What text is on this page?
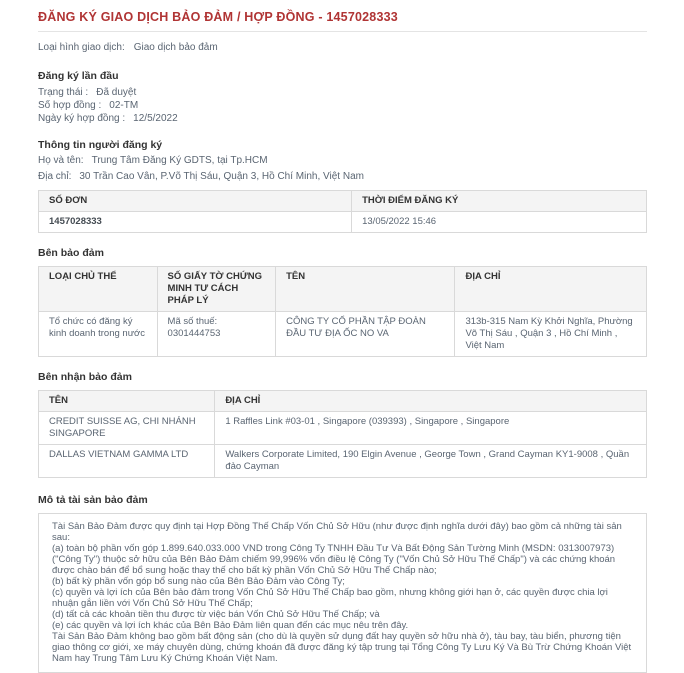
ĐĂNG KÝ GIAO DỊCH BẢO ĐẢM / HỢP ĐỒNG - 1457028333
Loại hình giao dịch: Giao dịch bảo đảm
Đăng ký lần đầu
Trạng thái : Đã duyệt
Số hợp đồng : 02-TM
Ngày ký hợp đồng : 12/5/2022
Thông tin người đăng ký
Họ và tên: Trung Tâm Đăng Ký GDTS, tại Tp.HCM
Địa chỉ: 30 Trần Cao Vân, P.Võ Thị Sáu, Quận 3, Hồ Chí Minh, Việt Nam
SỐ ĐƠN	THỜI ĐIỂM ĐĂNG KÝ
1457028333	13/05/2022 15:46
Bên bảo đảm
LOẠI CHỦ THỂ	SỐ GIẤY TỜ CHỨNG MINH TƯ CÁCH PHÁP LÝ	TÊN	ĐỊA CHỈ
Tổ chức có đăng ký kinh doanh trong nước	Mã số thuế: 0301444753	CÔNG TY CỔ PHẦN TẬP ĐOÀN ĐẦU TƯ ĐỊA ỐC NO VA	313b-315 Nam Kỳ Khởi Nghĩa, Phường Võ Thị Sáu , Quận 3 , Hồ Chí Minh , Việt Nam
Bên nhận bảo đảm
TÊN	ĐỊA CHỈ
CREDIT SUISSE AG, CHI NHÁNH SINGAPORE	1 Raffles Link #03-01 , Singapore (039393) , Singapore , Singapore
DALLAS VIETNAM GAMMA LTD	Walkers Corporate Limited, 190 Elgin Avenue , George Town , Grand Cayman KY1-9008 , Quần đảo Cayman
Mô tả tài sản bảo đảm
Tài Sản Bảo Đảm được quy định tại Hợp Đồng Thế Chấp Vốn Chủ Sở Hữu (như được định nghĩa dưới đây) bao gồm cả những tài sản sau:
(a) toàn bộ phần vốn góp 1.899.640.033.000 VND trong Công Ty TNHH Đầu Tư Và Bất Động Sản Tường Minh (MSDN: 0313007973) ("Công Ty") thuộc sở hữu của Bên Bảo Đảm chiếm 99,996% vốn điều lệ Công Ty ("Vốn Chủ Sở Hữu Thế Chấp") và các chứng khoán được chào bán để bổ sung hoặc thay thế cho bất kỳ phần Vốn Chủ Sở Hữu Thế Chấp nào;
(b) bất kỳ phần vốn góp bổ sung nào của Bên Bảo Đảm vào Công Ty;
(c) quyền và lợi ích của Bên bảo đảm trong Vốn Chủ Sở Hữu Thế Chấp bao gồm, nhưng không giới hạn ở, các quyền được chia lợi nhuận gắn liền với Vốn Chủ Sở Hữu Thế Chấp;
(d) tất cả các khoản tiền thu được từ việc bán Vốn Chủ Sở Hữu Thế Chấp; và
(e) các quyền và lợi ích khác của Bên Bảo Đảm liên quan đến các mục nêu trên đây.
Tài Sản Bảo Đảm không bao gồm bất động sản (cho dù là quyền sử dụng đất hay quyền sở hữu nhà ở), tàu bay, tàu biển, phương tiện giao thông cơ giới, xe máy chuyên dùng, chứng khoán đã được đăng ký tập trung tại Tổng Công Ty Lưu Ký Và Bù Trừ Chứng Khoán Việt Nam hay Trung Tâm Lưu Ký Chứng Khoán Việt Nam.
